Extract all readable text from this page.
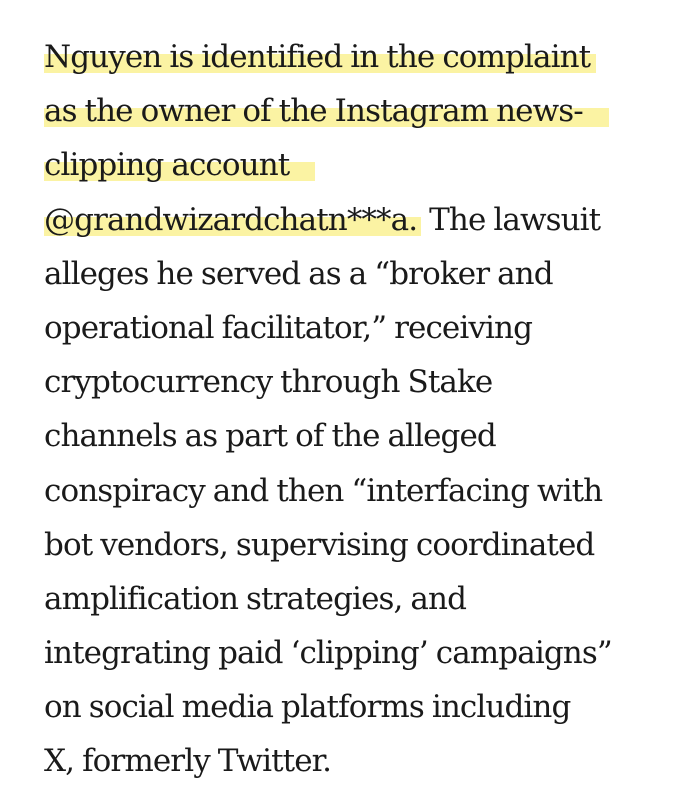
Nguyen is identified in the complaint
as the owner of the Instagram news-
clipping account
@grandwizardchatn***a. The lawsuit
alleges he served as a “broker and
operational facilitator,” receiving
cryptocurrency through Stake
channels as part of the alleged
conspiracy and then “interfacing with
bot vendors, supervising coordinated
amplification strategies, and
integrating paid ‘clipping’ campaigns”
on social media platforms including
X, formerly Twitter.
